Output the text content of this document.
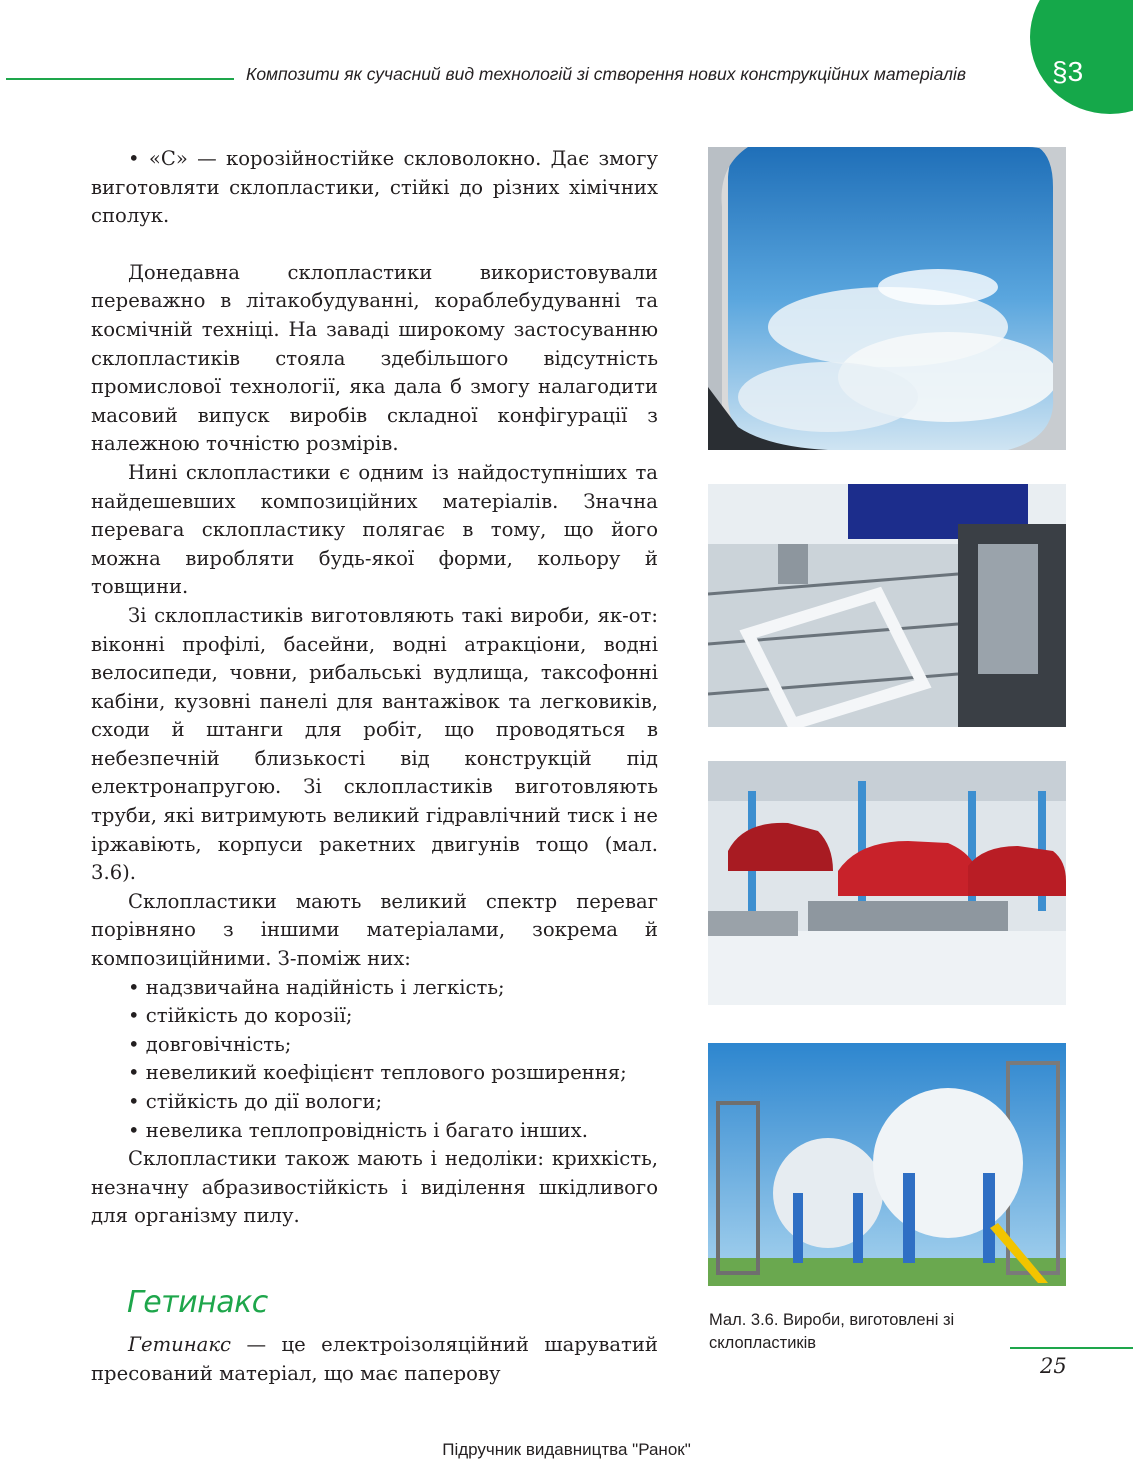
Композити як сучасний вид технологій зі створення нових конструкційних матеріалів	§3

• «С» — корозійностійке скловолокно. Дає змогу виготовляти склопластики, стійкі до різних хімічних сполук.

Донедавна склопластики використовували переважно в літакобудуванні, кораблебудуванні та космічній техніці. На заваді широкому застосуванню склопластиків стояла здебільшого відсутність промислової технології, яка дала б змогу налагодити масовий випуск виробів складної конфігурації з належною точністю розмірів.

Нині склопластики є одним із найдоступніших та найдешевших композиційних матеріалів. Значна перевага склопластику полягає в тому, що його можна виробляти будь-якої форми, кольору й товщини.

Зі склопластиків виготовляють такі вироби, як-от: віконні профілі, басейни, водні атракціони, водні велосипеди, човни, рибальські вудлища, таксофонні кабіни, кузовні панелі для вантажівок та легковиків, сходи й штанги для робіт, що проводяться в небезпечній близькості від конструкцій під електронапругою. Зі склопластиків виготовляють труби, які витримують великий гідравлічний тиск і не іржавіють, корпуси ракетних двигунів тощо (мал. 3.6).

Склопластики мають великий спектр переваг порівняно з іншими матеріалами, зокрема й композиційними. З-поміж них:

• надзвичайна надійність і легкість;

• стійкість до корозії;

• довговічність;

• невеликий коефіцієнт теплового розширення;

• стійкість до дії вологи;

• невелика теплопровідність і багато інших.

Склопластики також мають і недоліки: крихкість, незначну абразивостійкість і виділення шкідливого для організму пилу.

Гетинакс

Гетинакс — це електроізоляційний шаруватий пресований матеріал, що має паперову

Мал. 3.6. Вироби, виготовлені зі склопластиків
25
Підручник видавництва "Ранок"
